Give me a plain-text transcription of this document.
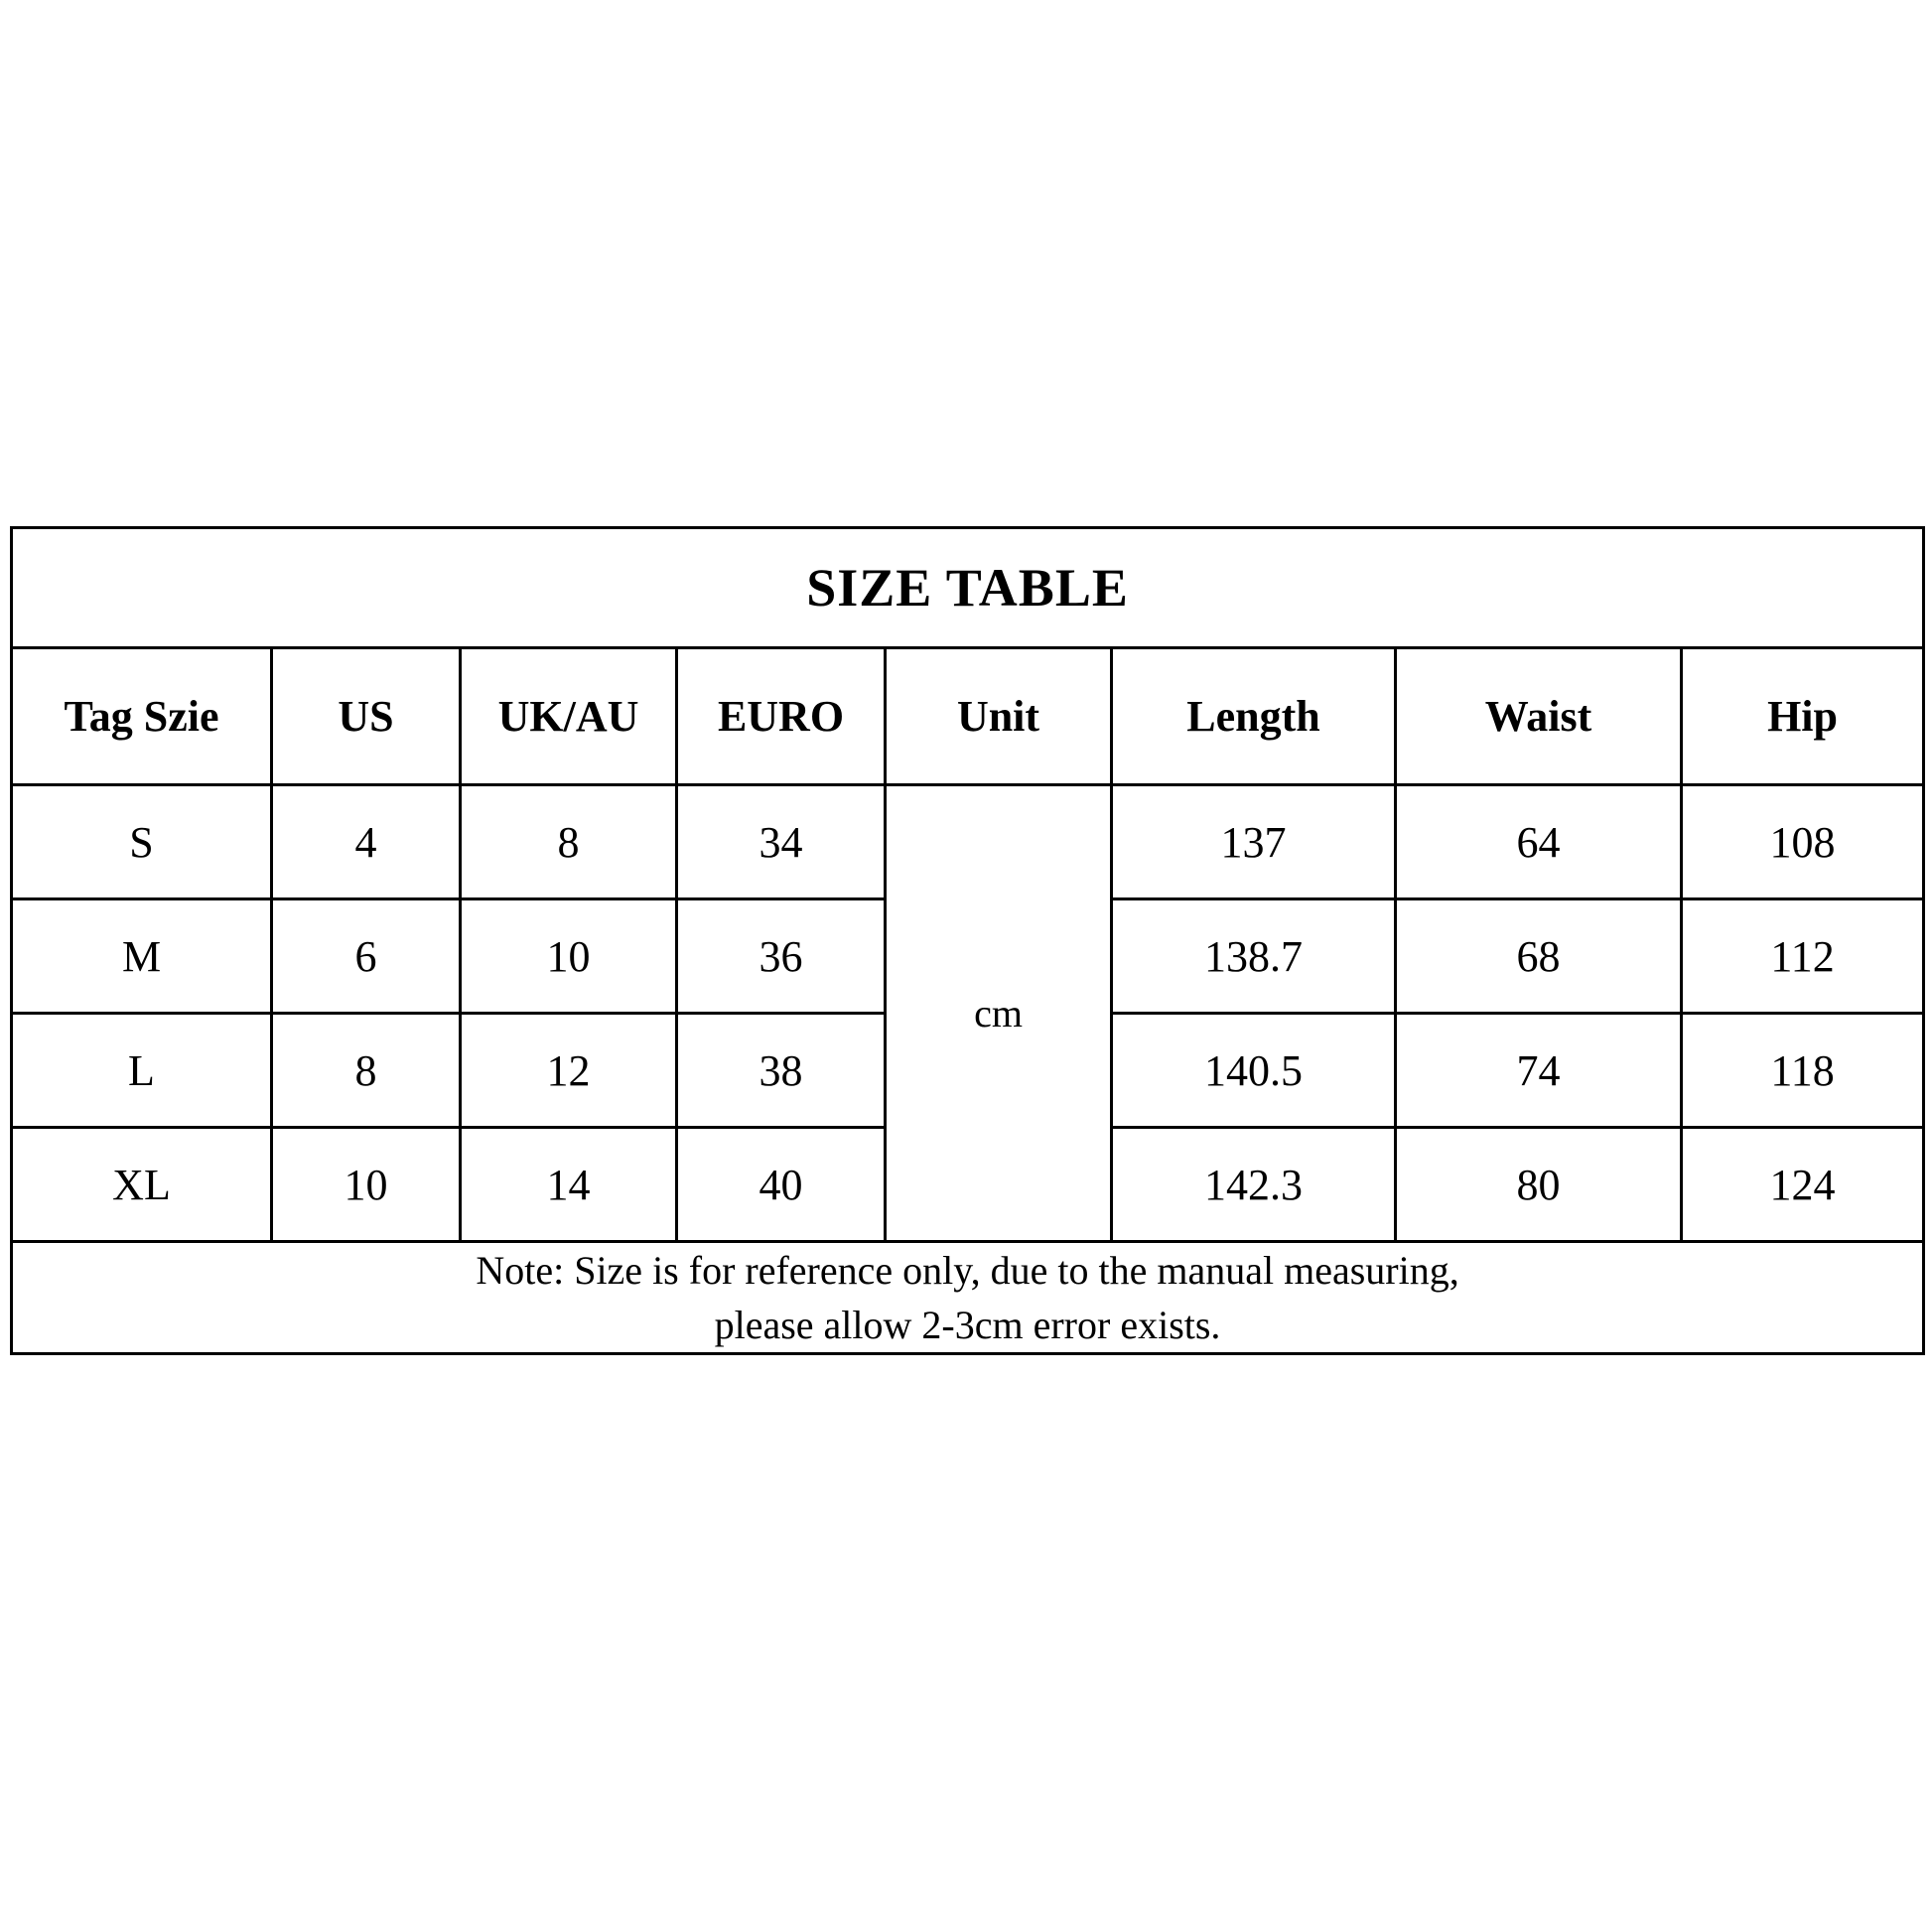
SIZE TABLE							
Tag Szie	US	UK/AU	EURO	Unit	Length	Waist	Hip
S	4	8	34	cm	137	64	108
M	6	10	36		138.7	68	112
L	8	12	38		140.5	74	118
XL	10	14	40		142.3	80	124

Note: Size is for reference only, due to the manual measuring,
please allow 2-3cm error exists.							
